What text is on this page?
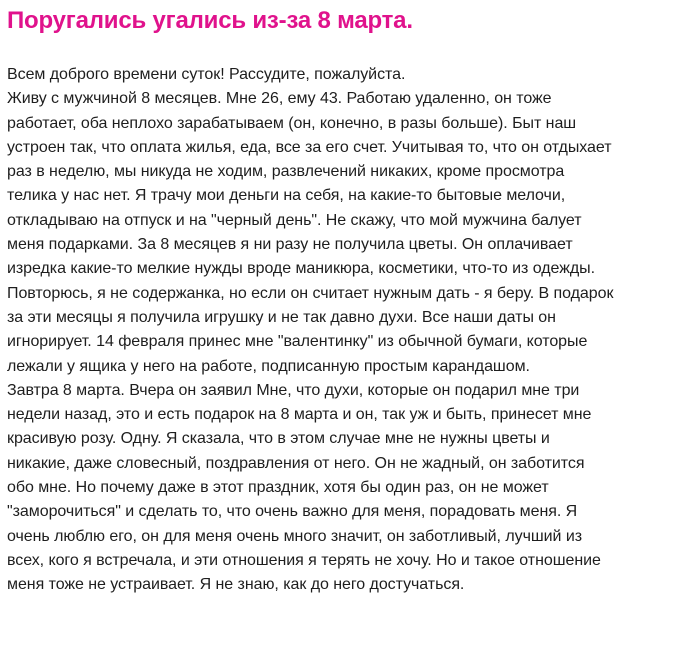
Поругались угались из-за 8 марта.
Всем доброго времени суток! Рассудите, пожалуйста.
Живу с мужчиной 8 месяцев. Мне 26, ему 43. Работаю удаленно, он тоже
работает, оба неплохо зарабатываем (он, конечно, в разы больше). Быт наш
устроен так, что оплата жилья, еда, все за его счет. Учитывая то, что он отдыхает
раз в неделю, мы никуда не ходим, развлечений никаких, кроме просмотра
телика у нас нет. Я трачу мои деньги на себя, на какие-то бытовые мелочи,
откладываю на отпуск и на "черный день". Не скажу, что мой мужчина балует
меня подарками. За 8 месяцев я ни разу не получила цветы. Он оплачивает
изредка какие-то мелкие нужды вроде маникюра, косметики, что-то из одежды.
Повторюсь, я не содержанка, но если он считает нужным дать - я беру. В подарок
за эти месяцы я получила игрушку и не так давно духи. Все наши даты он
игнорирует. 14 февраля принес мне "валентинку" из обычной бумаги, которые
лежали у ящика у него на работе, подписанную простым карандашом.
Завтра 8 марта. Вчера он заявил Мне, что духи, которые он подарил мне три
недели назад, это и есть подарок на 8 марта и он, так уж и быть, принесет мне
красивую розу. Одну. Я сказала, что в этом случае мне не нужны цветы и
никакие, даже словесный, поздравления от него. Он не жадный, он заботится
обо мне. Но почему даже в этот праздник, хотя бы один раз, он не может
"заморочиться" и сделать то, что очень важно для меня, порадовать меня. Я
очень люблю его, он для меня очень много значит, он заботливый, лучший из
всех, кого я встречала, и эти отношения я терять не хочу. Но и такое отношение
меня тоже не устраивает. Я не знаю, как до него достучаться.
